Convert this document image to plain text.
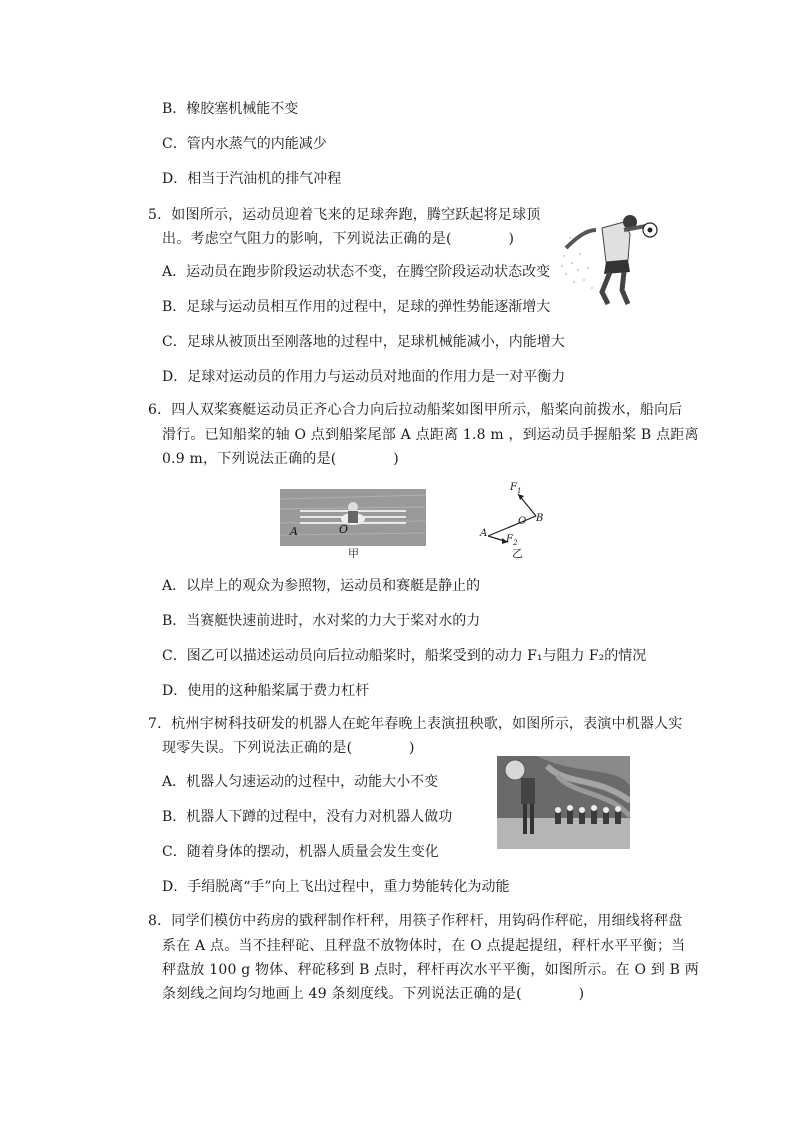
B．橡胶塞机械能不变
C．管内水蒸气的内能减少
D．相当于汽油机的排气冲程
5．如图所示，运动员迎着飞来的足球奔跑，腾空跃起将足球顶
出。考虑空气阻力的影响，下列说法正确的是(　　　　)
A．运动员在跑步阶段运动状态不变，在腾空阶段运动状态改变
B．足球与运动员相互作用的过程中，足球的弹性势能逐渐增大
C．足球从被顶出至刚落地的过程中，足球机械能减小，内能增大
D．足球对运动员的作用力与运动员对地面的作用力是一对平衡力
6．四人双桨赛艇运动员正齐心合力向后拉动船桨如图甲所示，船桨向前拨水，船向后
滑行。已知船桨的轴 O 点到船桨尾部 A 点距离 1.8 m ，到运动员手握船桨 B 点距离
0.9 m，下列说法正确的是(　　　　)
A	O
甲
$F_1$
$F_2$
A
O B
乙
A．以岸上的观众为参照物，运动员和赛艇是静止的
B．当赛艇快速前进时，水对桨的力大于桨对水的力
C．图乙可以描述运动员向后拉动船桨时，船桨受到的动力 F₁与阻力 F₂的情况
D．使用的这种船桨属于费力杠杆
7．杭州宇树科技研发的机器人在蛇年春晚上表演扭秧歌，如图所示，表演中机器人实
现零失误。下列说法正确的是(　　　　)
A．机器人匀速运动的过程中，动能大小不变
B．机器人下蹲的过程中，没有力对机器人做功
C．随着身体的摆动，机器人质量会发生变化
D．手绢脱离“手”向上飞出过程中，重力势能转化为动能
8．同学们模仿中药房的戥秤制作杆秤，用筷子作秤杆，用钩码作秤砣，用细线将秤盘
系在 A 点。当不挂秤砣、且秤盘不放物体时，在 O 点提起提纽，秤杆水平平衡；当
秤盘放 100 g 物体、秤砣移到 B 点时，秤杆再次水平平衡，如图所示。在 O 到 B 两
条刻线之间均匀地画上 49 条刻度线。下列说法正确的是(　　　　)
